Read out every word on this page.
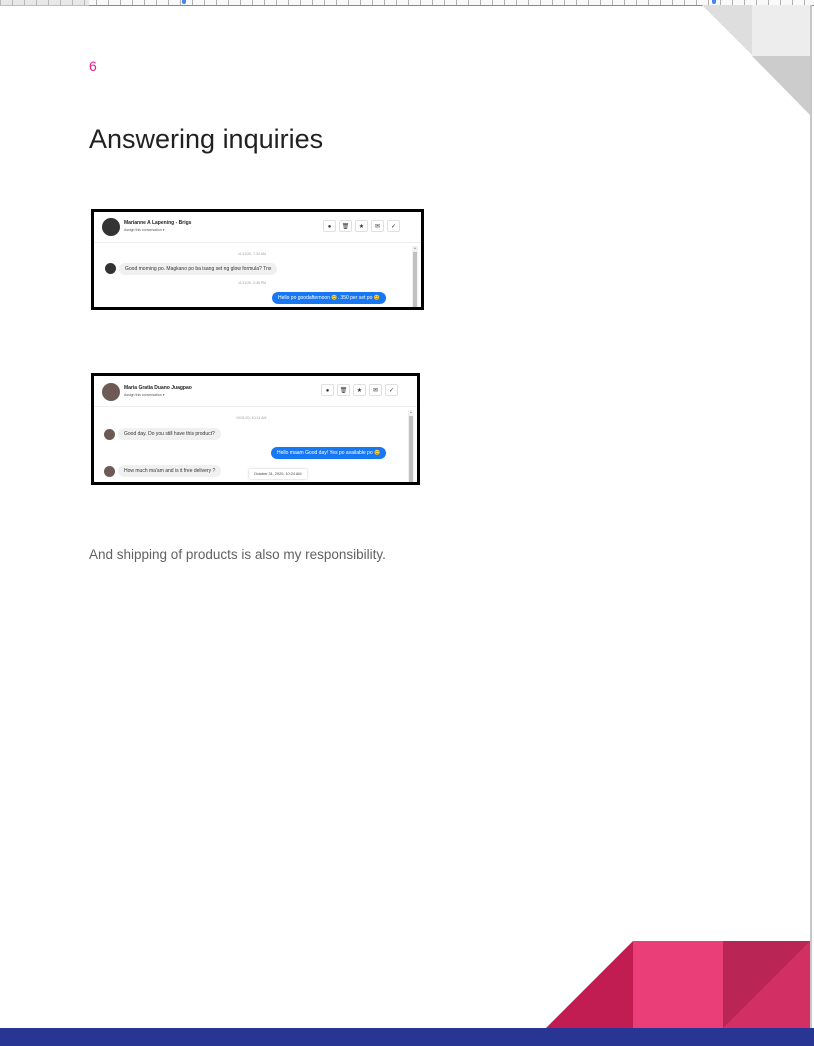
6
Answering inquiries
Marianne A Lapening - Brigs
Assign this conversation ▾	●	🗑	★	✉	✓
11/11/20, 7:34 AM
Good morning po. Magkano po ba isang set ng glow formula? Tnx
11/11/20, 3:39 PM
Hello po goodafternoon 😊. 350 per set po 😊
▲
Maria Gratia Duano Juagpao
Assign this conversation ▾
●	🗑	★	✉	✓
10/31/20, 10:14 AM
Good day. Do you still have this product?
Hello maam Good day! Yes po available po 😊
How much ma'am and is it free delivery ?	October 31, 2020, 10:24 AM
▲
And shipping of products is also my responsibility.
